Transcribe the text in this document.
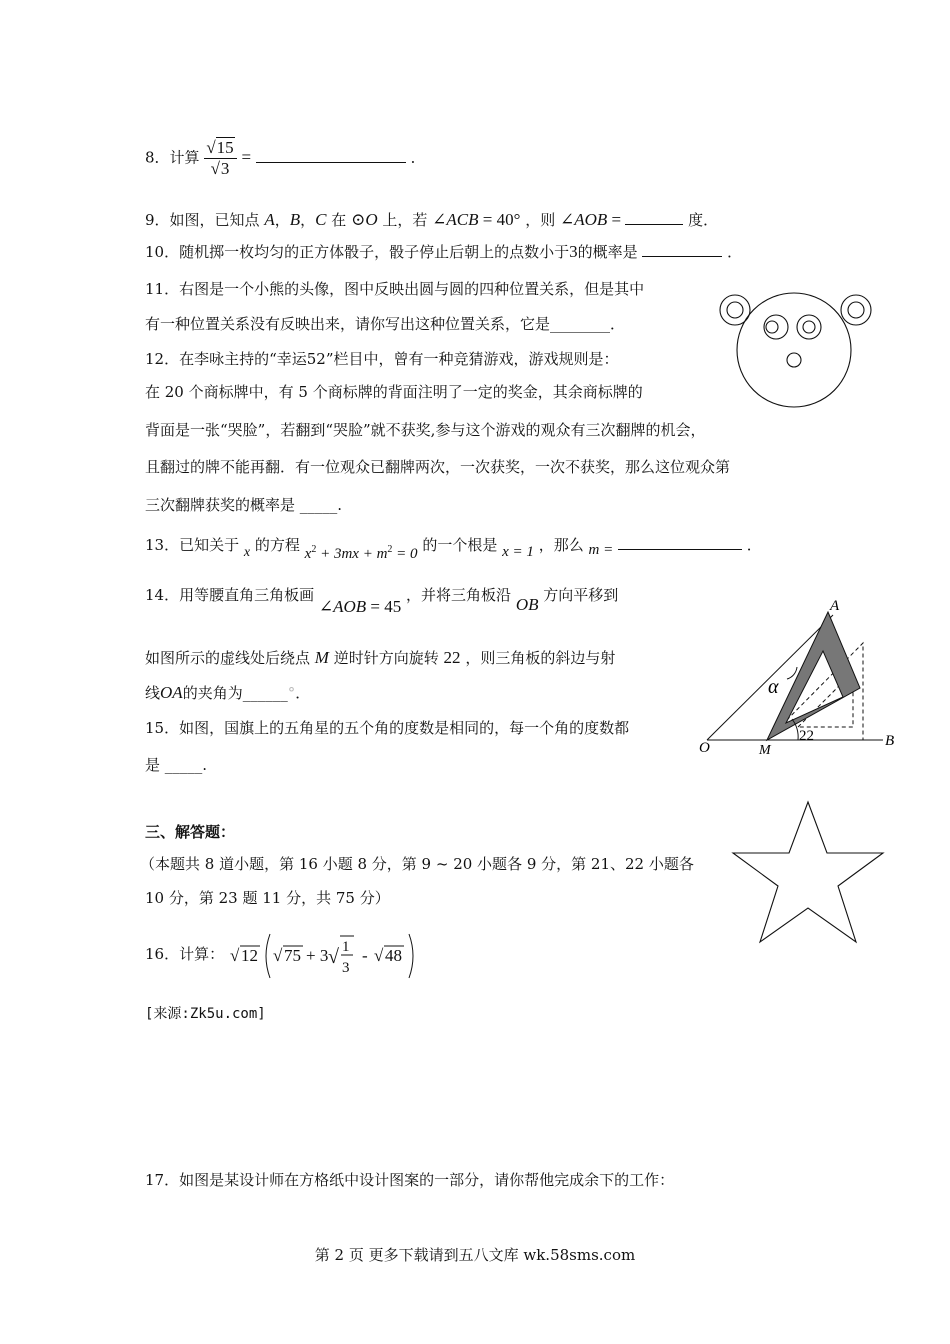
8．计算 $\frac{√15}{√3}$ =	．
9．如图，已知点 A，B，C 在 ⊙O 上，若 ∠ACB = 40° ，则 ∠AOB =	度．
10．随机掷一枚均匀的正方体骰子，骰子停止后朝上的点数小于3的概率是	．
11．右图是一个小熊的头像，图中反映出圆与圆的四种位置关系，但是其中
有一种位置关系没有反映出来，请你写出这种位置关系，它是________．
12．在李咏主持的“幸运52”栏目中，曾有一种竞猜游戏，游戏规则是：
在 20 个商标牌中，有 5 个商标牌的背面注明了一定的奖金，其余商标牌的
背面是一张“哭脸”，若翻到“哭脸”就不获奖,参与这个游戏的观众有三次翻牌的机会，
且翻过的牌不能再翻．有一位观众已翻牌两次，一次获奖，一次不获奖，那么这位观众第
三次翻牌获奖的概率是 _____.
13．已知关于 x 的方程 $x^2 + 3mx + m^2 = 0$ 的一个根是 x = 1 ，那么 m =	．
14．用等腰直角三角板画 ∠AOB = 45 ，并将三角板沿 OB 方向平移到
如图所示的虚线处后绕点 M 逆时针方向旋转 22 ，则三角板的斜边与射
线OA的夹角为______°．
A
O	M
B
α
22
15．如图，国旗上的五角星的五个角的度数是相同的，每一个角的度数都
是 _____.
三、解答题：
（本题共 8 道小题，第 16 小题 8 分，第 9 ~ 20 小题各 9 分，第 21、22 小题各
10 分，第 23 题 11 分，共 75 分）
16．计算： √ 12 √ 75 + 3 √ 1
3
- √ 48
[来源:Zk5u.com]
17．如图是某设计师在方格纸中设计图案的一部分，请你帮他完成余下的工作：
第 2 页 更多下载请到五八文库 wk.58sms.com
